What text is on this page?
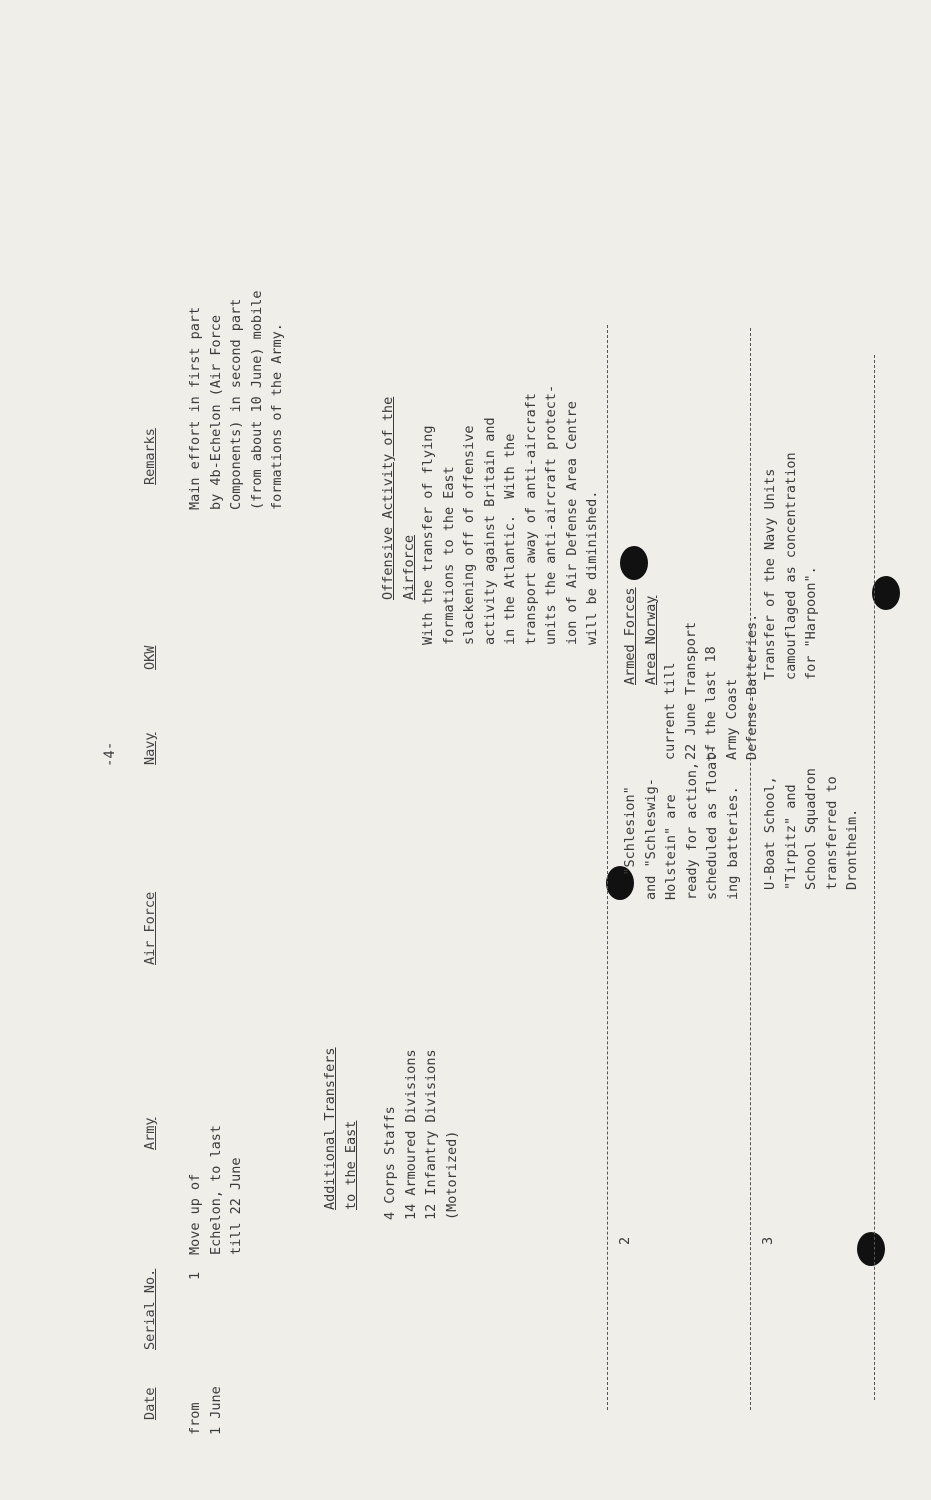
-4-
Date
Serial No.
Army
Air Force
Navy
OKW
Remarks
from
1 June
1
Move up of
Echelon, to last
till 22 June	Additional Transfers
to the East
4 Corps Staffs
14 Armoured Divisions
12 Infantry Divisions
(Motorized)
Main effort in first part
by 4b-Echelon (Air Force
Components) in second part
(from about 10 June) mobile
formations of the Army.
Offensive Activity of the
Airforce
With the transfer of flying
formations to the East
slackening off of offensive
activity against Britain and
in the Atlantic.  With the
transport away of anti-aircraft
units the anti-aircraft protect-
ion of Air Defense Area Centre
will be diminished.
2
"Schlesion"
and "Schleswig-
Holstein" are
ready for action,
scheduled as float-
ing batteries.
Armed Forces
Area Norway
current till
22 June Transport
of the last 18
Army Coast
Defense-Batteries.
3
U-Boat School,
"Tirpitz" and
School Squadron
transferred to
Drontheim.
Transfer of the Navy Units
camouflaged as concentration
for "Harpoon".
